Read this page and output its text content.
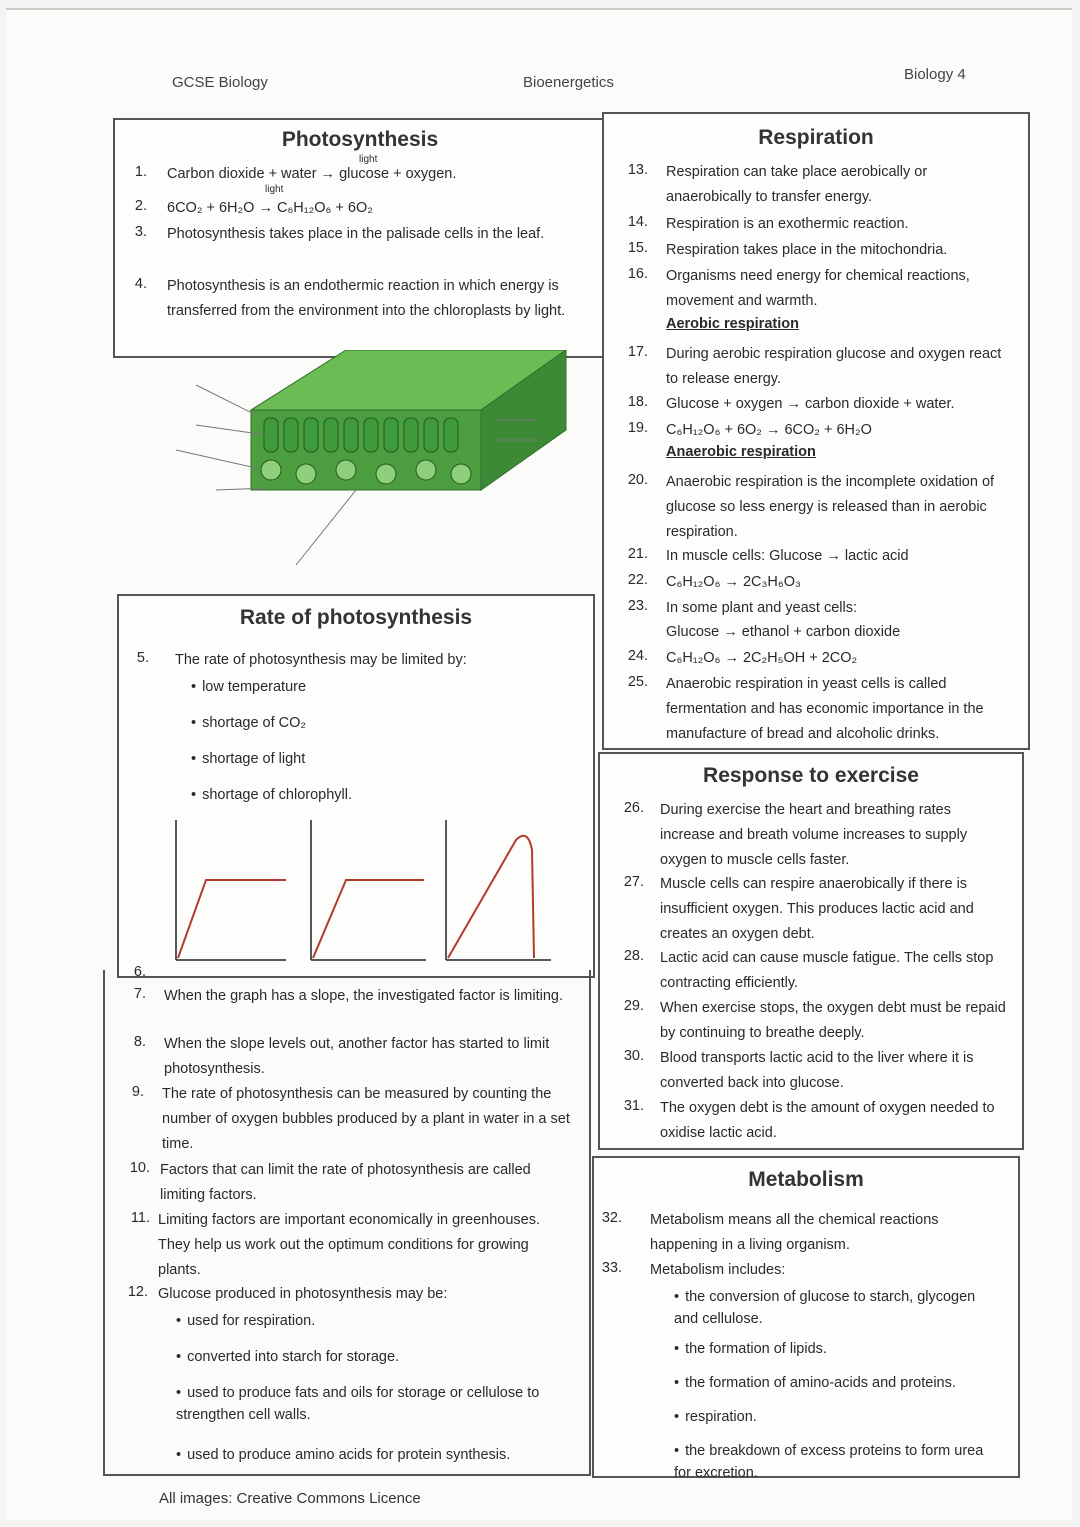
GCSE Biology	Bioenergetics	Biology 4
Photosynthesis
1.
light
Carbon dioxide + water → glucose + oxygen.
2.
light
6CO₂ + 6H₂O → C₆H₁₂O₆ + 6O₂
3. Photosynthesis takes place in the palisade cells in the leaf.
4. Photosynthesis is an endothermic reaction in which energy is transferred from the environment into the chloroplasts by light.
Rate of photosynthesis
5. The rate of photosynthesis may be limited by:
• low temperature
• shortage of CO₂
• shortage of light
• shortage of chlorophyll.
6.
7. When the graph has a slope, the investigated factor is limiting.
8. When the slope levels out, another factor has started to limit photosynthesis.
9. The rate of photosynthesis can be measured by counting the number of oxygen bubbles produced by a plant in water in a set time.
10. Factors that can limit the rate of photosynthesis are called limiting factors.
11. Limiting factors are important economically in greenhouses. They help us work out the optimum conditions for growing plants.
12. Glucose produced in photosynthesis may be:
• used for respiration.
• converted into starch for storage.
• used to produce fats and oils for storage or cellulose to strengthen cell walls.
• used to produce amino acids for protein synthesis.
Respiration
13. Respiration can take place aerobically or anaerobically to transfer energy.
14. Respiration is an exothermic reaction.
15. Respiration takes place in the mitochondria.
16. Organisms need energy for chemical reactions, movement and warmth.
Aerobic respiration
17. During aerobic respiration glucose and oxygen react to release energy.
18. Glucose + oxygen → carbon dioxide + water.
19. C₆H₁₂O₆ + 6O₂ → 6CO₂ + 6H₂O
Anaerobic respiration
20. Anaerobic respiration is the incomplete oxidation of glucose so less energy is released than in aerobic respiration.
21. In muscle cells: Glucose → lactic acid
22. C₆H₁₂O₆ → 2C₃H₆O₃
23. In some plant and yeast cells:
Glucose → ethanol + carbon dioxide
24. C₆H₁₂O₆ → 2C₂H₅OH + 2CO₂
25. Anaerobic respiration in yeast cells is called fermentation and has economic importance in the manufacture of bread and alcoholic drinks.
Response to exercise
26. During exercise the heart and breathing rates increase and breath volume increases to supply oxygen to muscle cells faster.
27. Muscle cells can respire anaerobically if there is insufficient oxygen. This produces lactic acid and creates an oxygen debt.
28. Lactic acid can cause muscle fatigue. The cells stop contracting efficiently.
29. When exercise stops, the oxygen debt must be repaid by continuing to breathe deeply.
30. Blood transports lactic acid to the liver where it is converted back into glucose.
31. The oxygen debt is the amount of oxygen needed to oxidise lactic acid.
Metabolism
32. Metabolism means all the chemical reactions happening in a living organism.
33. Metabolism includes:
• the conversion of glucose to starch, glycogen and cellulose.
• the formation of lipids.
• the formation of amino-acids and proteins.
• respiration.
• the breakdown of excess proteins to form urea for excretion.
All images: Creative Commons Licence
